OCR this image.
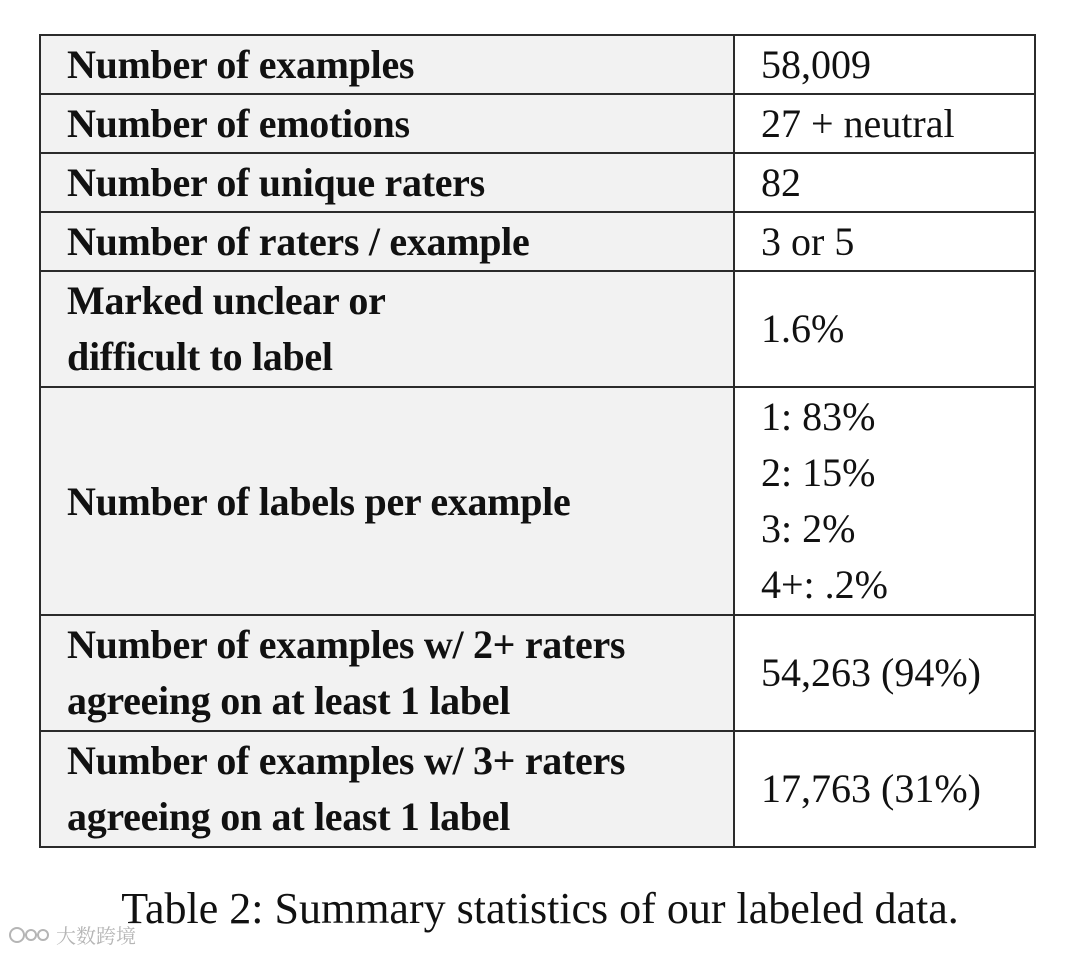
Number of examples	58,009

Number of emotions	27 + neutral

Number of unique raters	82

Number of raters / example	3 or 5

Marked unclear or
difficult to label	1.6%

Number of labels per example	1: 83%
2: 15%
3: 2%
4+: .2%

Number of examples w/ 2+ raters
agreeing on at least 1 label	54,263 (94%)

Number of examples w/ 3+ raters
agreeing on at least 1 label	17,763 (31%)
Table 2: Summary statistics of our labeled data.
大数跨境
